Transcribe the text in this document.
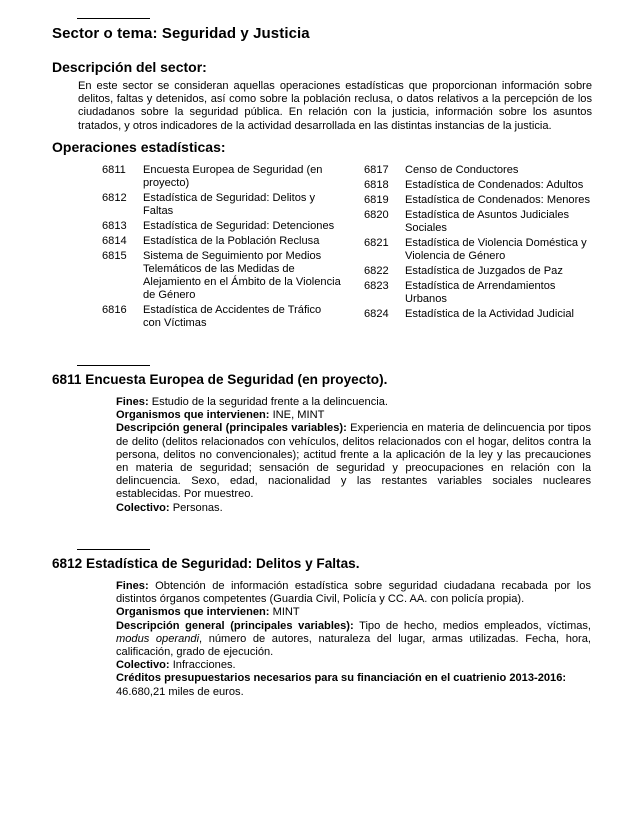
Sector o tema: Seguridad y Justicia
Descripción del sector:
En este sector se consideran aquellas operaciones estadísticas que proporcionan información sobre delitos, faltas y detenidos, así como sobre la población reclusa, o datos relativos a la percepción de los ciudadanos sobre la seguridad pública. En relación con la justicia, información sobre los asuntos tratados, y otros indicadores de la actividad desarrollada en las distintas instancias de la justicia.
Operaciones estadísticas:
6811	Encuesta Europea de Seguridad (en proyecto)
6812	Estadística de Seguridad: Delitos y Faltas
6813	Estadística de Seguridad: Detenciones
6814	Estadística de la Población Reclusa
6815	Sistema de Seguimiento por Medios Telemáticos de las Medidas de Alejamiento en el Ámbito de la Violencia de Género
6816	Estadística de Accidentes de Tráfico con Víctimas
6817	Censo de Conductores
6818	Estadística de Condenados: Adultos
6819	Estadística de Condenados: Menores
6820	Estadística de Asuntos Judiciales Sociales
6821	Estadística de Violencia Doméstica y Violencia de Género
6822	Estadística de Juzgados de Paz
6823	Estadística de Arrendamientos Urbanos
6824	Estadística de la Actividad Judicial
6811 Encuesta Europea de Seguridad (en proyecto).

Fines: Estudio de la seguridad frente a la delincuencia.

Organismos que intervienen: INE, MINT

Descripción general (principales variables): Experiencia en materia de delincuencia por tipos de delito (delitos relacionados con vehículos, delitos relacionados con el hogar, delitos contra la persona, delitos no convencionales); actitud frente a la aplicación de la ley y las precauciones en materia de seguridad; sensación de seguridad y preocupaciones en relación con la delincuencia. Sexo, edad, nacionalidad y las restantes variables sociales nucleares establecidas. Por muestreo.

Colectivo: Personas.

6812 Estadística de Seguridad: Delitos y Faltas.

Fines: Obtención de información estadística sobre seguridad ciudadana recabada por los distintos órganos competentes (Guardia Civil, Policía y CC. AA. con policía propia).

Organismos que intervienen: MINT

Descripción general (principales variables): Tipo de hecho, medios empleados, víctimas, modus operandi, número de autores, naturaleza del lugar, armas utilizadas. Fecha, hora, calificación, grado de ejecución.

Colectivo: Infracciones.

Créditos presupuestarios necesarios para su financiación en el cuatrienio 2013-2016:

46.680,21 miles de euros.
